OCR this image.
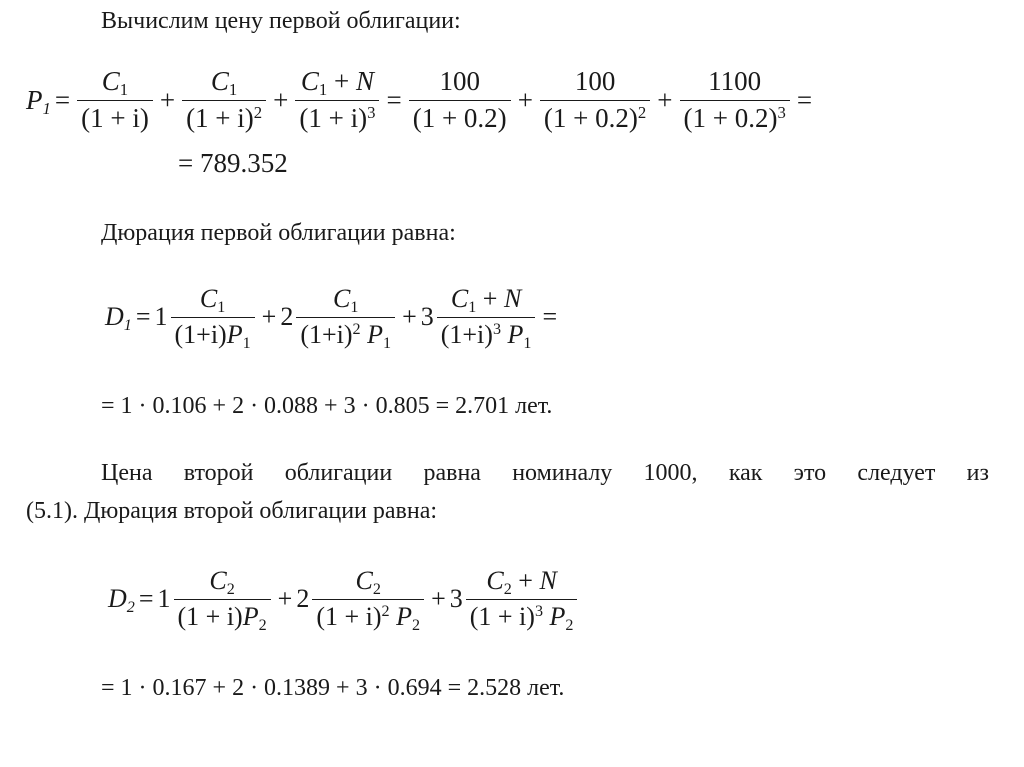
Вычислим цену первой облигации:
$P_1 = \frac{C_1}{(1 + i)} + \frac{C_1}{(1 + i)^2} + \frac{C_1 + N}{(1 + i)^3} = \frac{100}{(1 + 0.2)} + \frac{100}{(1 + 0.2)^2} + \frac{1100}{(1 + 0.2)^3}$ =
= 789.352
Дюрация первой облигации равна:
$D_1 = 1 \frac{C_1}{(1+i)P_1} + 2 \frac{C_1}{(1+i)^2 P_1} + 3 \frac{C_1 + N}{(1+i)^3 P_1}$ =
= 1 · 0.106 + 2 · 0.088 + 3 · 0.805 = 2.701 лет.
Цена второй облигации равна номиналу 1000, как это следует из
(5.1). Дюрация второй облигации равна:
$D_2 = 1 \frac{C_2}{(1 + i)P_2} + 2 \frac{C_2}{(1 + i)^2 P_2} + 3 \frac{C_2 + N}{(1 + i)^3 P_2}$
= 1 · 0.167 + 2 · 0.1389 + 3 · 0.694 = 2.528 лет.
